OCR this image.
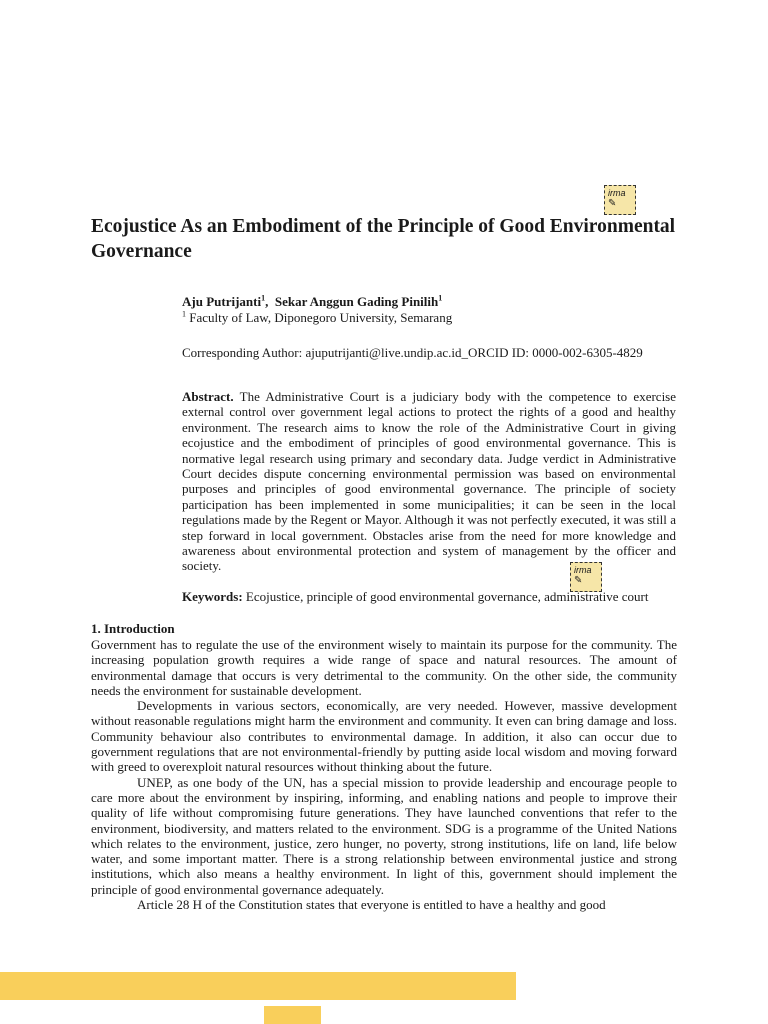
Ecojustice As an Embodiment of the Principle of Good Environmental Governance
irma
✎
Aju Putrijanti$^1$, Sekar Anggun Gading Pinilih$^1$
$^1$ Faculty of Law, Diponegoro University, Semarang
Corresponding Author: ajuputrijanti@live.undip.ac.id_ORCID ID: 0000-002-6305-4829

Abstract. The Administrative Court is a judiciary body with the competence to exercise external control over government legal actions to protect the rights of a good and healthy environment. The research aims to know the role of the Administrative Court in giving ecojustice and the embodiment of principles of good environmental governance. This is normative legal research using primary and secondary data. Judge verdict in Administrative Court decides dispute concerning environmental permission was based on environmental purposes and principles of good environmental governance. The principle of society participation has been implemented in some municipalities; it can be seen in the local regulations made by the Regent or Mayor. Although it was not perfectly executed, it was still a step forward in local government. Obstacles arise from the need for more knowledge and awareness about environmental protection and system of management by the officer and society.	irma
✎
Keywords: Ecojustice, principle of good environmental governance, administrative court
1. Introduction

Government has to regulate the use of the environment wisely to maintain its purpose for the community. The increasing population growth requires a wide range of space and natural resources. The amount of environmental damage that occurs is very detrimental to the community. On the other side, the community needs the environment for sustainable development.

Developments in various sectors, economically, are very needed. However, massive development without reasonable regulations might harm the environment and community. It even can bring damage and loss. Community behaviour also contributes to environmental damage. In addition, it also can occur due to government regulations that are not environmental-friendly by putting aside local wisdom and moving forward with greed to overexploit natural resources without thinking about the future.

UNEP, as one body of the UN, has a special mission to provide leadership and encourage people to care more about the environment by inspiring, informing, and enabling nations and people to improve their quality of life without compromising future generations. They have launched conventions that refer to the environment, biodiversity, and matters related to the environment. SDG is a programme of the United Nations which relates to the environment, justice, zero hunger, no poverty, strong institutions, life on land, life below water, and some important matter. There is a strong relationship between environmental justice and strong institutions, which also means a healthy environment. In light of this, government should implement the principle of good environmental governance adequately.

Article 28 H of the Constitution states that everyone is entitled to have a healthy and good
